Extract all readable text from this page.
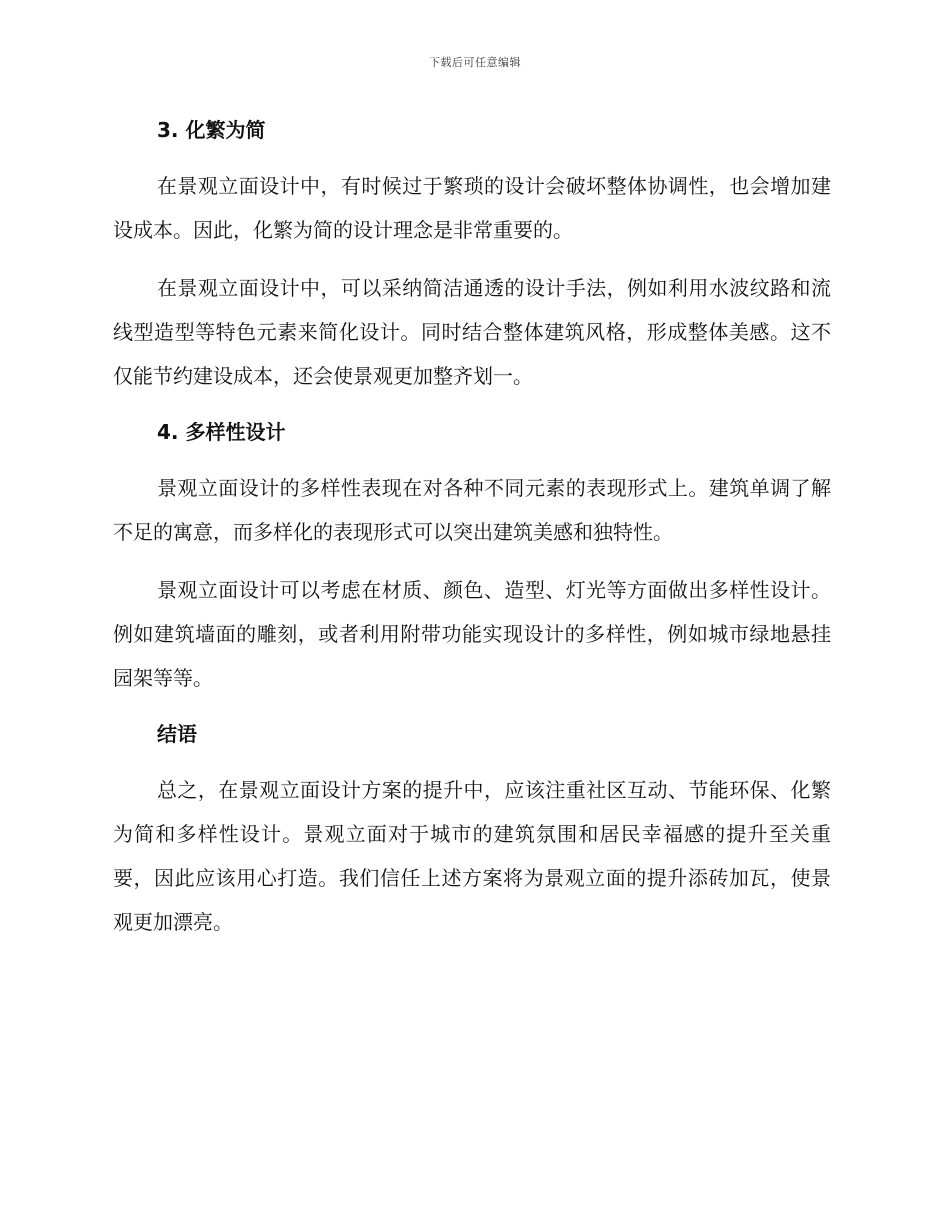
下载后可任意编辑
3. 化繁为简

在景观立面设计中，有时候过于繁琐的设计会破坏整体协调性，也会增加建设成本。因此，化繁为简的设计理念是非常重要的。

在景观立面设计中，可以采纳简洁通透的设计手法，例如利用水波纹路和流线型造型等特色元素来简化设计。同时结合整体建筑风格，形成整体美感。这不仅能节约建设成本，还会使景观更加整齐划一。

4. 多样性设计

景观立面设计的多样性表现在对各种不同元素的表现形式上。建筑单调了解不足的寓意，而多样化的表现形式可以突出建筑美感和独特性。

景观立面设计可以考虑在材质、颜色、造型、灯光等方面做出多样性设计。例如建筑墙面的雕刻，或者利用附带功能实现设计的多样性，例如城市绿地悬挂园架等等。

结语

总之，在景观立面设计方案的提升中，应该注重社区互动、节能环保、化繁为简和多样性设计。景观立面对于城市的建筑氛围和居民幸福感的提升至关重要，因此应该用心打造。我们信任上述方案将为景观立面的提升添砖加瓦，使景观更加漂亮。
